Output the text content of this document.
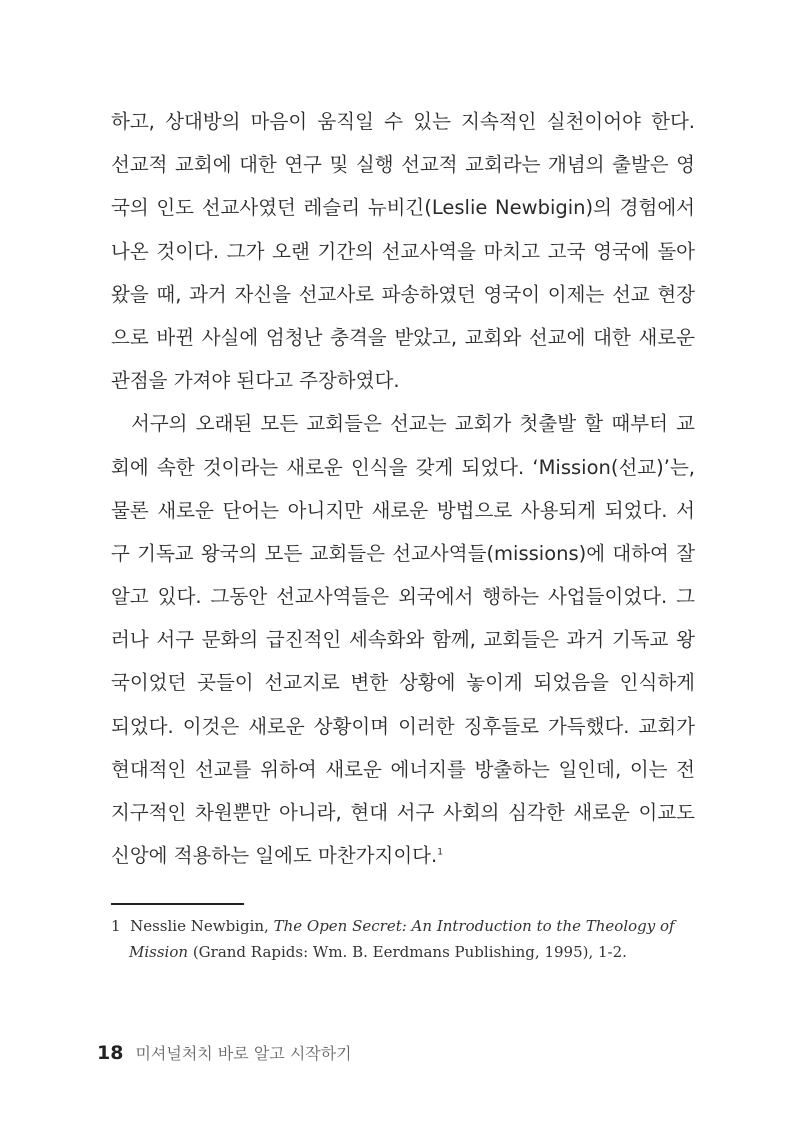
하고, 상대방의 마음이 움직일 수 있는 지속적인 실천이어야 한다.
선교적 교회에 대한 연구 및 실행 선교적 교회라는 개념의 출발은 영
국의 인도 선교사였던 레슬리 뉴비긴(Leslie Newbigin)의 경험에서
나온 것이다. 그가 오랜 기간의 선교사역을 마치고 고국 영국에 돌아
왔을 때, 과거 자신을 선교사로 파송하였던 영국이 이제는 선교 현장
으로 바뀐 사실에 엄청난 충격을 받았고, 교회와 선교에 대한 새로운
관점을 가져야 된다고 주장하였다.
서구의 오래된 모든 교회들은 선교는 교회가 첫출발 할 때부터 교
회에 속한 것이라는 새로운 인식을 갖게 되었다. ‘Mission(선교)’는,
물론 새로운 단어는 아니지만 새로운 방법으로 사용되게 되었다. 서
구 기독교 왕국의 모든 교회들은 선교사역들(missions)에 대하여 잘
알고 있다. 그동안 선교사역들은 외국에서 행하는 사업들이었다. 그
러나 서구 문화의 급진적인 세속화와 함께, 교회들은 과거 기독교 왕
국이었던 곳들이 선교지로 변한 상황에 놓이게 되었음을 인식하게
되었다. 이것은 새로운 상황이며 이러한 징후들로 가득했다. 교회가
현대적인 선교를 위하여 새로운 에너지를 방출하는 일인데, 이는 전
지구적인 차원뿐만 아니라, 현대 서구 사회의 심각한 새로운 이교도
신앙에 적용하는 일에도 마찬가지이다.$^1$
1 Nesslie Newbigin, The Open Secret: An Introduction to the Theology of
Mission (Grand Rapids: Wm. B. Eerdmans Publishing, 1995), 1-2.
18 미셔널처치 바로 알고 시작하기
